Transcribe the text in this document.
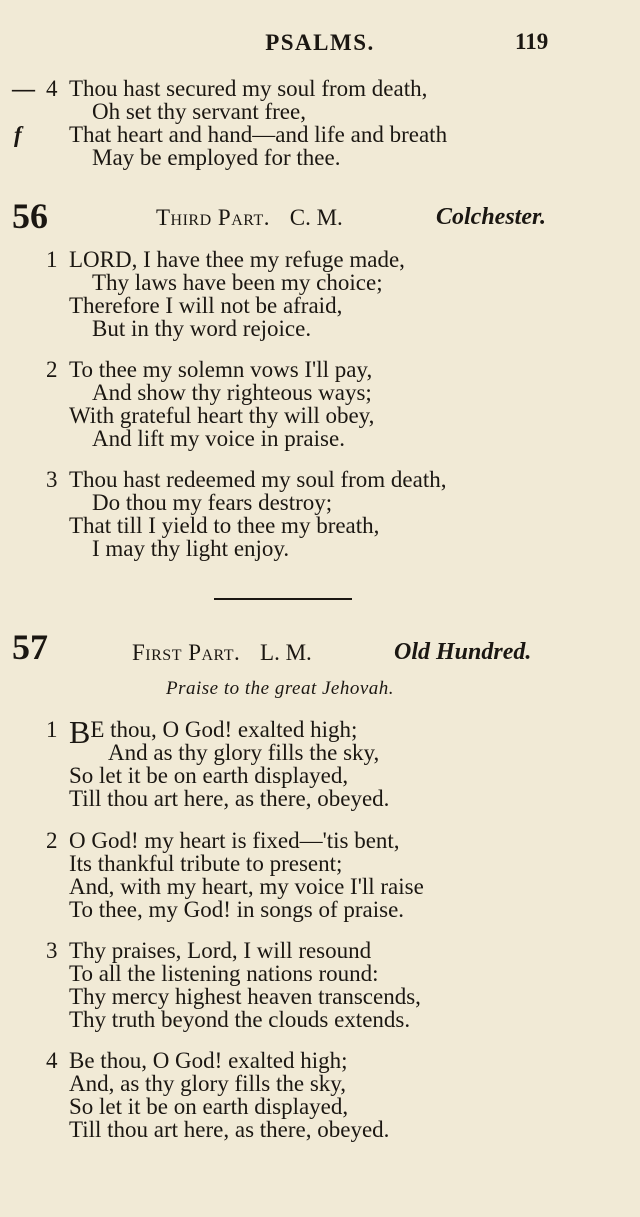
PSALMS.	119
— 4
f
Thou hast secured my soul from death,
Oh set thy servant free,
That heart and hand—and life and breath
May be employed for thee.
56	Third Part. C. M.	Colchester.
1 LORD, I have thee my refuge made,
Thy laws have been my choice;
Therefore I will not be afraid,
But in thy word rejoice.
2 To thee my solemn vows I'll pay,
And show thy righteous ways;
With grateful heart thy will obey,
And lift my voice in praise.
3 Thou hast redeemed my soul from death,
Do thou my fears destroy;
That till I yield to thee my breath,
I may thy light enjoy.
57	First Part. L. M.	Old Hundred.
Praise to the great Jehovah.
1 BE thou, O God! exalted high;
And as thy glory fills the sky,
So let it be on earth displayed,
Till thou art here, as there, obeyed.
2 O God! my heart is fixed—'tis bent,
Its thankful tribute to present;
And, with my heart, my voice I'll raise
To thee, my God! in songs of praise.
3 Thy praises, Lord, I will resound
To all the listening nations round:
Thy mercy highest heaven transcends,
Thy truth beyond the clouds extends.
4 Be thou, O God! exalted high;
And, as thy glory fills the sky,
So let it be on earth displayed,
Till thou art here, as there, obeyed.
